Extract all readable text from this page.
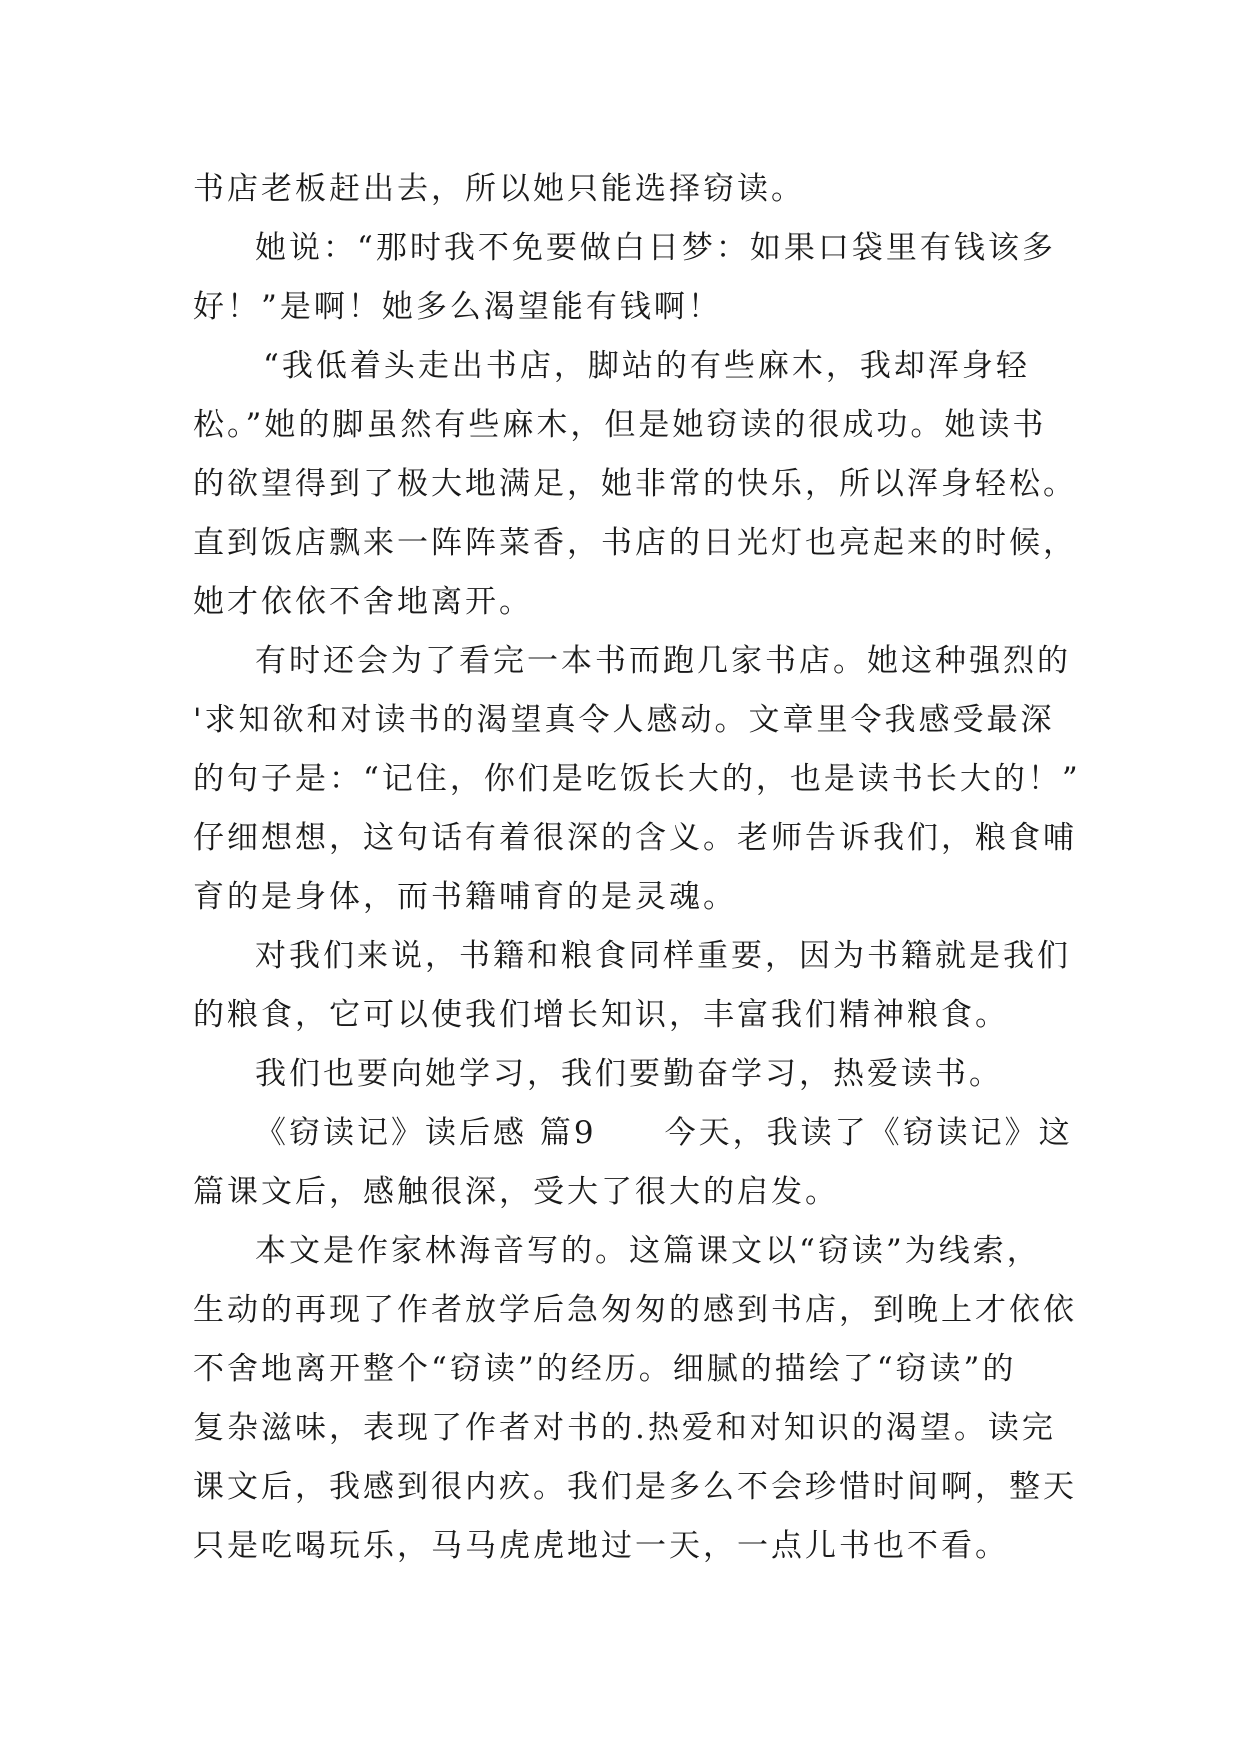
书店老板赶出去，所以她只能选择窃读。
她说：“那时我不免要做白日梦：如果口袋里有钱该多
好！”是啊！她多么渴望能有钱啊！
“我低着头走出书店，脚站的有些麻木，我却浑身轻
松。”她的脚虽然有些麻木，但是她窃读的很成功。她读书
的欲望得到了极大地满足，她非常的快乐，所以浑身轻松。
直到饭店飘来一阵阵菜香，书店的日光灯也亮起来的时候，
她才依依不舍地离开。
有时还会为了看完一本书而跑几家书店。她这种强烈的
'求知欲和对读书的渴望真令人感动。文章里令我感受最深
的句子是：“记住，你们是吃饭长大的，也是读书长大的！”
仔细想想，这句话有着很深的含义。老师告诉我们，粮食哺
育的是身体，而书籍哺育的是灵魂。
对我们来说，书籍和粮食同样重要，因为书籍就是我们
的粮食，它可以使我们增长知识，丰富我们精神粮食。
我们也要向她学习，我们要勤奋学习，热爱读书。
《窃读记》读后感 篇9　　今天，我读了《窃读记》这
篇课文后，感触很深，受大了很大的启发。
本文是作家林海音写的。这篇课文以“窃读”为线索，
生动的再现了作者放学后急匆匆的感到书店，到晚上才依依
不舍地离开整个“窃读”的经历。细腻的描绘了“窃读”的
复杂滋味，表现了作者对书的.热爱和对知识的渴望。读完
课文后，我感到很内疚。我们是多么不会珍惜时间啊，整天
只是吃喝玩乐，马马虎虎地过一天，一点儿书也不看。
